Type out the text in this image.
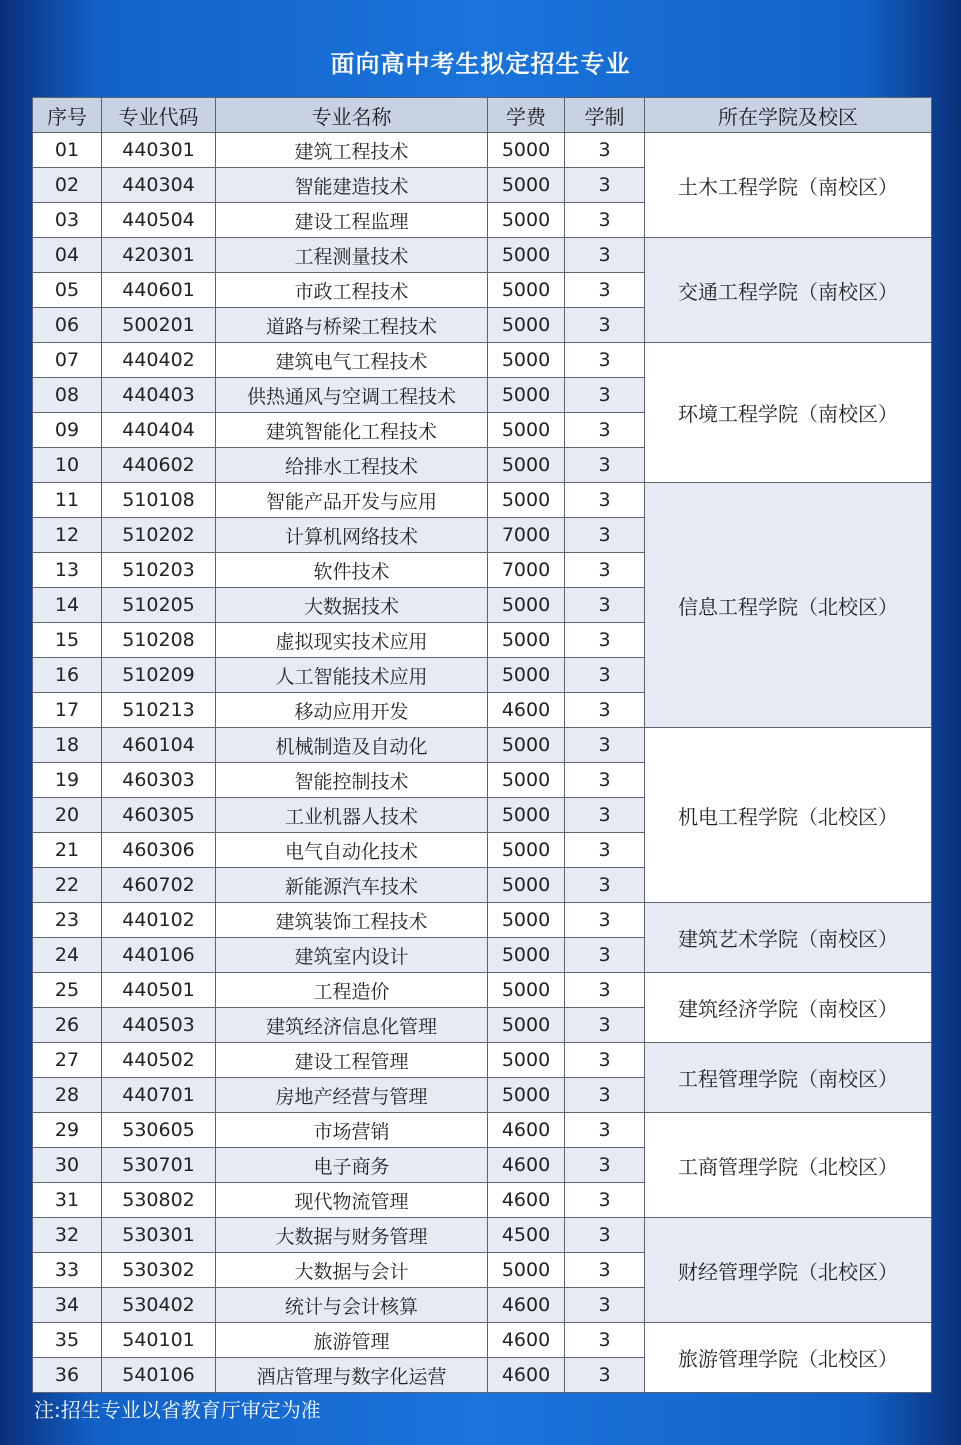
面向高中考生拟定招生专业
序号	专业代码	专业名称	学费	学制	所在学院及校区
01	440301	建筑工程技术	5000	3	土木工程学院（南校区）
02	440304	智能建造技术	5000	3	
03	440504	建设工程监理	5000	3	
04	420301	工程测量技术	5000	3	交通工程学院（南校区）
05	440601	市政工程技术	5000	3	
06	500201	道路与桥梁工程技术	5000	3	
07	440402	建筑电气工程技术	5000	3	环境工程学院（南校区）
08	440403	供热通风与空调工程技术	5000	3	
09	440404	建筑智能化工程技术	5000	3	
10	440602	给排水工程技术	5000	3	
11	510108	智能产品开发与应用	5000	3	信息工程学院（北校区）
12	510202	计算机网络技术	7000	3	
13	510203	软件技术	7000	3	
14	510205	大数据技术	5000	3	
15	510208	虚拟现实技术应用	5000	3	
16	510209	人工智能技术应用	5000	3	
17	510213	移动应用开发	4600	3	
18	460104	机械制造及自动化	5000	3	机电工程学院（北校区）
19	460303	智能控制技术	5000	3	
20	460305	工业机器人技术	5000	3	
21	460306	电气自动化技术	5000	3	
22	460702	新能源汽车技术	5000	3	
23	440102	建筑装饰工程技术	5000	3	建筑艺术学院（南校区）
24	440106	建筑室内设计	5000	3	
25	440501	工程造价	5000	3	建筑经济学院（南校区）
26	440503	建筑经济信息化管理	5000	3	
27	440502	建设工程管理	5000	3	工程管理学院（南校区）
28	440701	房地产经营与管理	5000	3	
29	530605	市场营销	4600	3	工商管理学院（北校区）
30	530701	电子商务	4600	3	
31	530802	现代物流管理	4600	3	
32	530301	大数据与财务管理	4500	3	财经管理学院（北校区）
33	530302	大数据与会计	5000	3	
34	530402	统计与会计核算	4600	3	
35	540101	旅游管理	4600	3	旅游管理学院（北校区）
36	540106	酒店管理与数字化运营	4600	3	
注:招生专业以省教育厅审定为准
